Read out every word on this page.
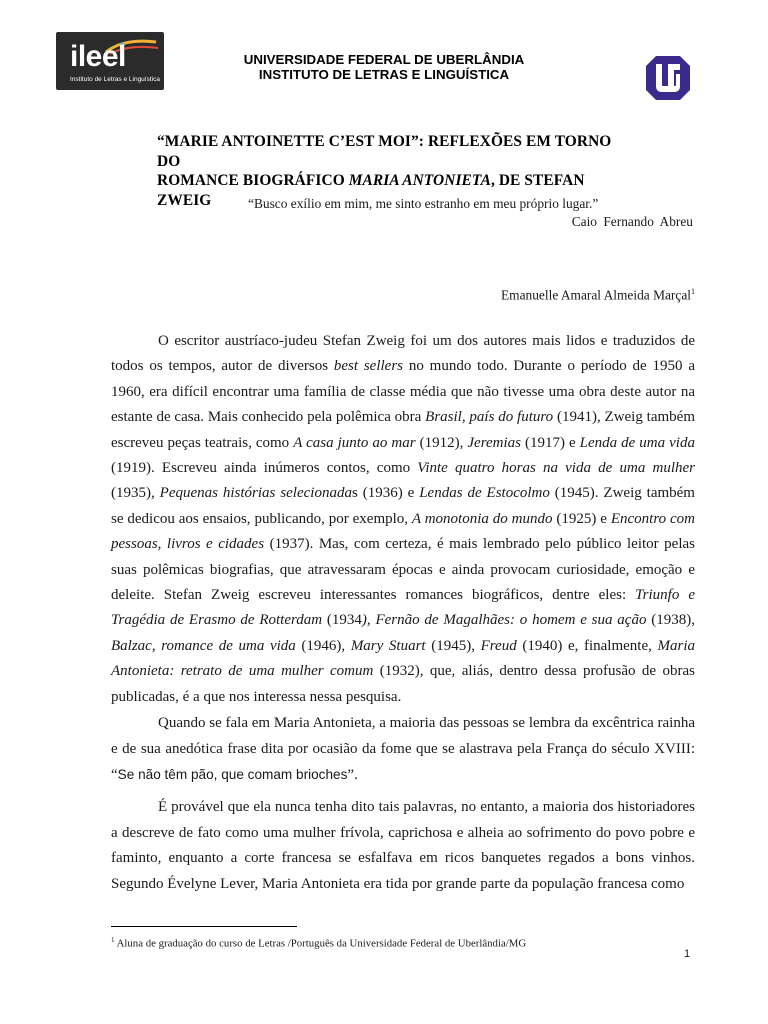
ileel
Instituto de Letras e Linguística
UNIVERSIDADE FEDERAL DE UBERLÂNDIA
INSTITUTO DE LETRAS E LINGUÍSTICA
“MARIE ANTOINETTE C’EST MOI”: REFLEXÕES EM TORNO DO
ROMANCE BIOGRÁFICO MARIA ANTONIETA, DE STEFAN ZWEIG	“Busco exílio em mim, me sinto estranho em meu próprio lugar.”
Caio Fernando Abreu
Emanuelle Amaral Almeida Marçal$^1$

O escritor austríaco-judeu Stefan Zweig foi um dos autores mais lidos e traduzidos de todos os tempos, autor de diversos best sellers no mundo todo. Durante o período de 1950 a 1960, era difícil encontrar uma família de classe média que não tivesse uma obra deste autor na estante de casa. Mais conhecido pela polêmica obra Brasil, país do futuro (1941), Zweig também escreveu peças teatrais, como A casa junto ao mar (1912), Jeremias (1917) e Lenda de uma vida (1919). Escreveu ainda inúmeros contos, como Vinte quatro horas na vida de uma mulher (1935), Pequenas histórias selecionadas (1936) e Lendas de Estocolmo (1945). Zweig também se dedicou aos ensaios, publicando, por exemplo, A monotonia do mundo (1925) e Encontro com pessoas, livros e cidades (1937). Mas, com certeza, é mais lembrado pelo público leitor pelas suas polêmicas biografias, que atravessaram épocas e ainda provocam curiosidade, emoção e deleite. Stefan Zweig escreveu interessantes romances biográficos, dentre eles: Triunfo e Tragédia de Erasmo de Rotterdam (1934), Fernão de Magalhães: o homem e sua ação (1938), Balzac, romance de uma vida (1946), Mary Stuart (1945), Freud (1940) e, finalmente, Maria Antonieta: retrato de uma mulher comum (1932), que, aliás, dentro dessa profusão de obras publicadas, é a que nos interessa nessa pesquisa.

Quando se fala em Maria Antonieta, a maioria das pessoas se lembra da excêntrica rainha e de sua anedótica frase dita por ocasião da fome que se alastrava pela França do século XVIII: “Se não têm pão, que comam brioches”.

É provável que ela nunca tenha dito tais palavras, no entanto, a maioria dos historiadores a descreve de fato como uma mulher frívola, caprichosa e alheia ao sofrimento do povo pobre e faminto, enquanto a corte francesa se esfalfava em ricos banquetes regados a bons vinhos. Segundo Évelyne Lever, Maria Antonieta era tida por grande parte da população francesa como

$^1$ Aluna de graduação do curso de Letras /Português da Universidade Federal de Uberlândia/MG
1
